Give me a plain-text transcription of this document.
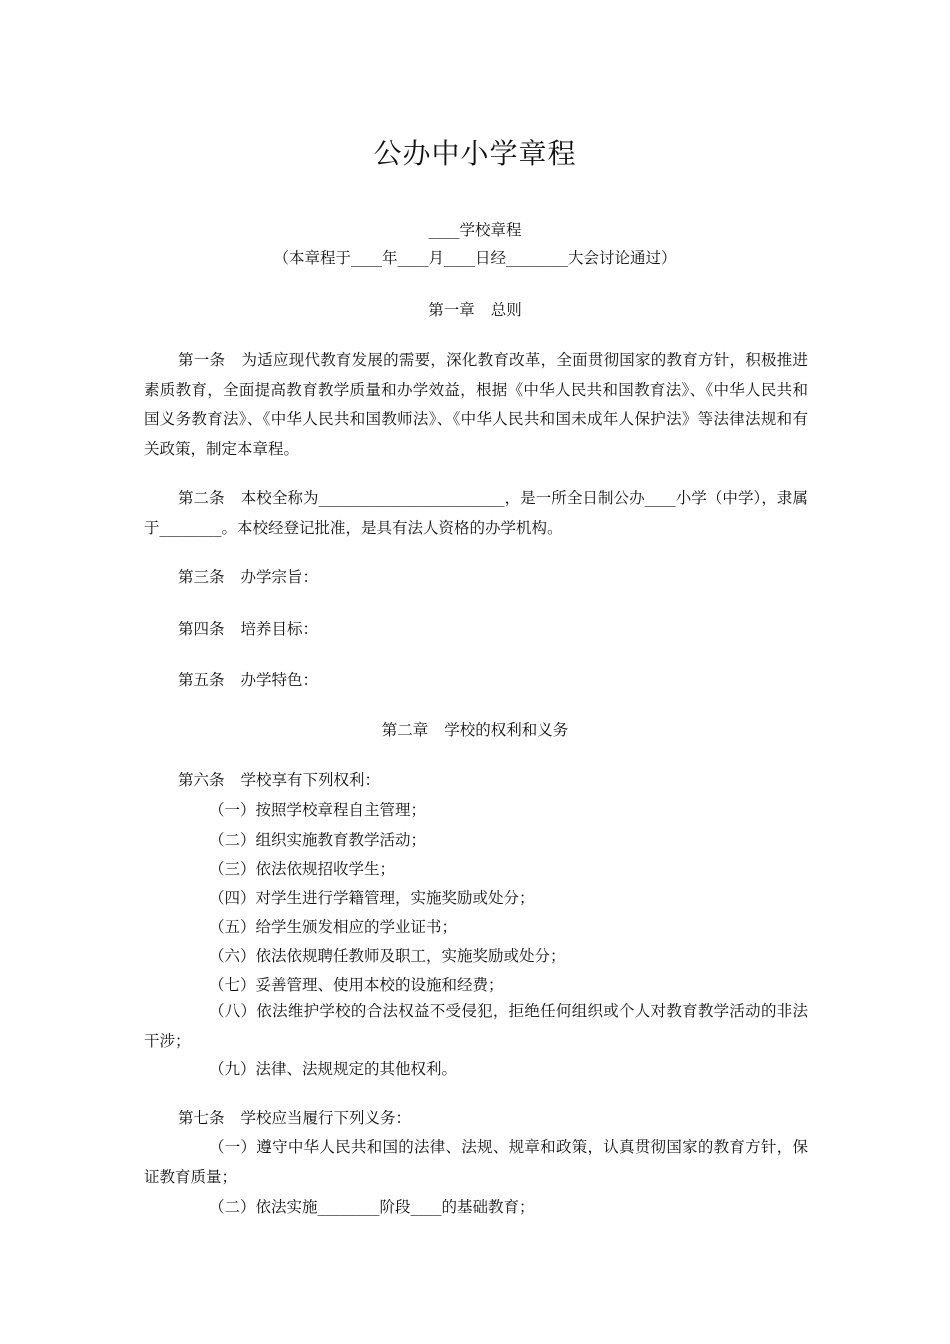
公办中小学章程
____学校章程
（本章程于____年____月____日经________大会讨论通过）
第一章 总则
第一条 为适应现代教育发展的需要，深化教育改革，全面贯彻国家的教育方针，积极推进素质教育，全面提高教育教学质量和办学效益，根据《中华人民共和国教育法》、《中华人民共和国义务教育法》、《中华人民共和国教师法》、《中华人民共和国未成年人保护法》等法律法规和有关政策，制定本章程。
第二条 本校全称为________________________，是一所全日制公办____小学（中学），隶属于________。本校经登记批准，是具有法人资格的办学机构。
第三条 办学宗旨：
第四条 培养目标：
第五条 办学特色：
第二章 学校的权利和义务
第六条 学校享有下列权利：
（一）按照学校章程自主管理；
（二）组织实施教育教学活动；
（三）依法依规招收学生；
（四）对学生进行学籍管理，实施奖励或处分；
（五）给学生颁发相应的学业证书；
（六）依法依规聘任教师及职工，实施奖励或处分；
（七）妥善管理、使用本校的设施和经费；
（八）依法维护学校的合法权益不受侵犯，拒绝任何组织或个人对教育教学活动的非法干涉；
（九）法律、法规规定的其他权利。
第七条 学校应当履行下列义务：
（一）遵守中华人民共和国的法律、法规、规章和政策，认真贯彻国家的教育方针，保证教育质量；
（二）依法实施________阶段____的基础教育；
